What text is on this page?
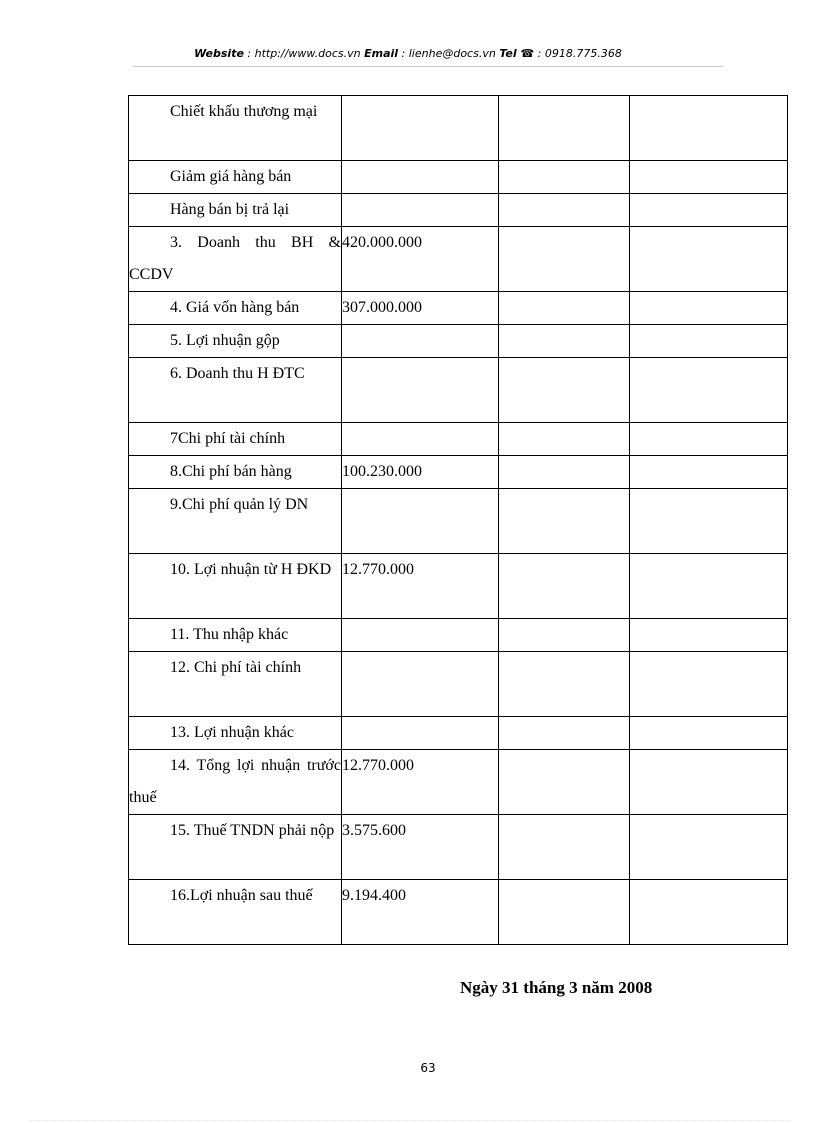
Website : http://www.docs.vn Email : lienhe@docs.vn Tel ☎ : 0918.775.368
Chiết khấu thương mại			
Giảm giá hàng bán			
Hàng bán bị trả lại			
3. Doanh thu BH & CCDV	420.000.000		
4. Giá vốn hàng bán	307.000.000		
5. Lợi nhuận gộp			
6. Doanh thu H ĐTC			
7Chi phí tài chính			
8.Chi phí bán hàng	100.230.000		
9.Chi phí quản lý DN			
10. Lợi nhuận từ H ĐKD	12.770.000		
11. Thu nhập khác			
12. Chi phí tài chính			
13. Lợi nhuận khác			
14. Tổng lợi nhuận trước thuế	12.770.000		
15. Thuế TNDN phải nộp	3.575.600		
16.Lợi nhuận sau thuế	9.194.400		
Ngày 31 tháng 3 năm 2008
63
